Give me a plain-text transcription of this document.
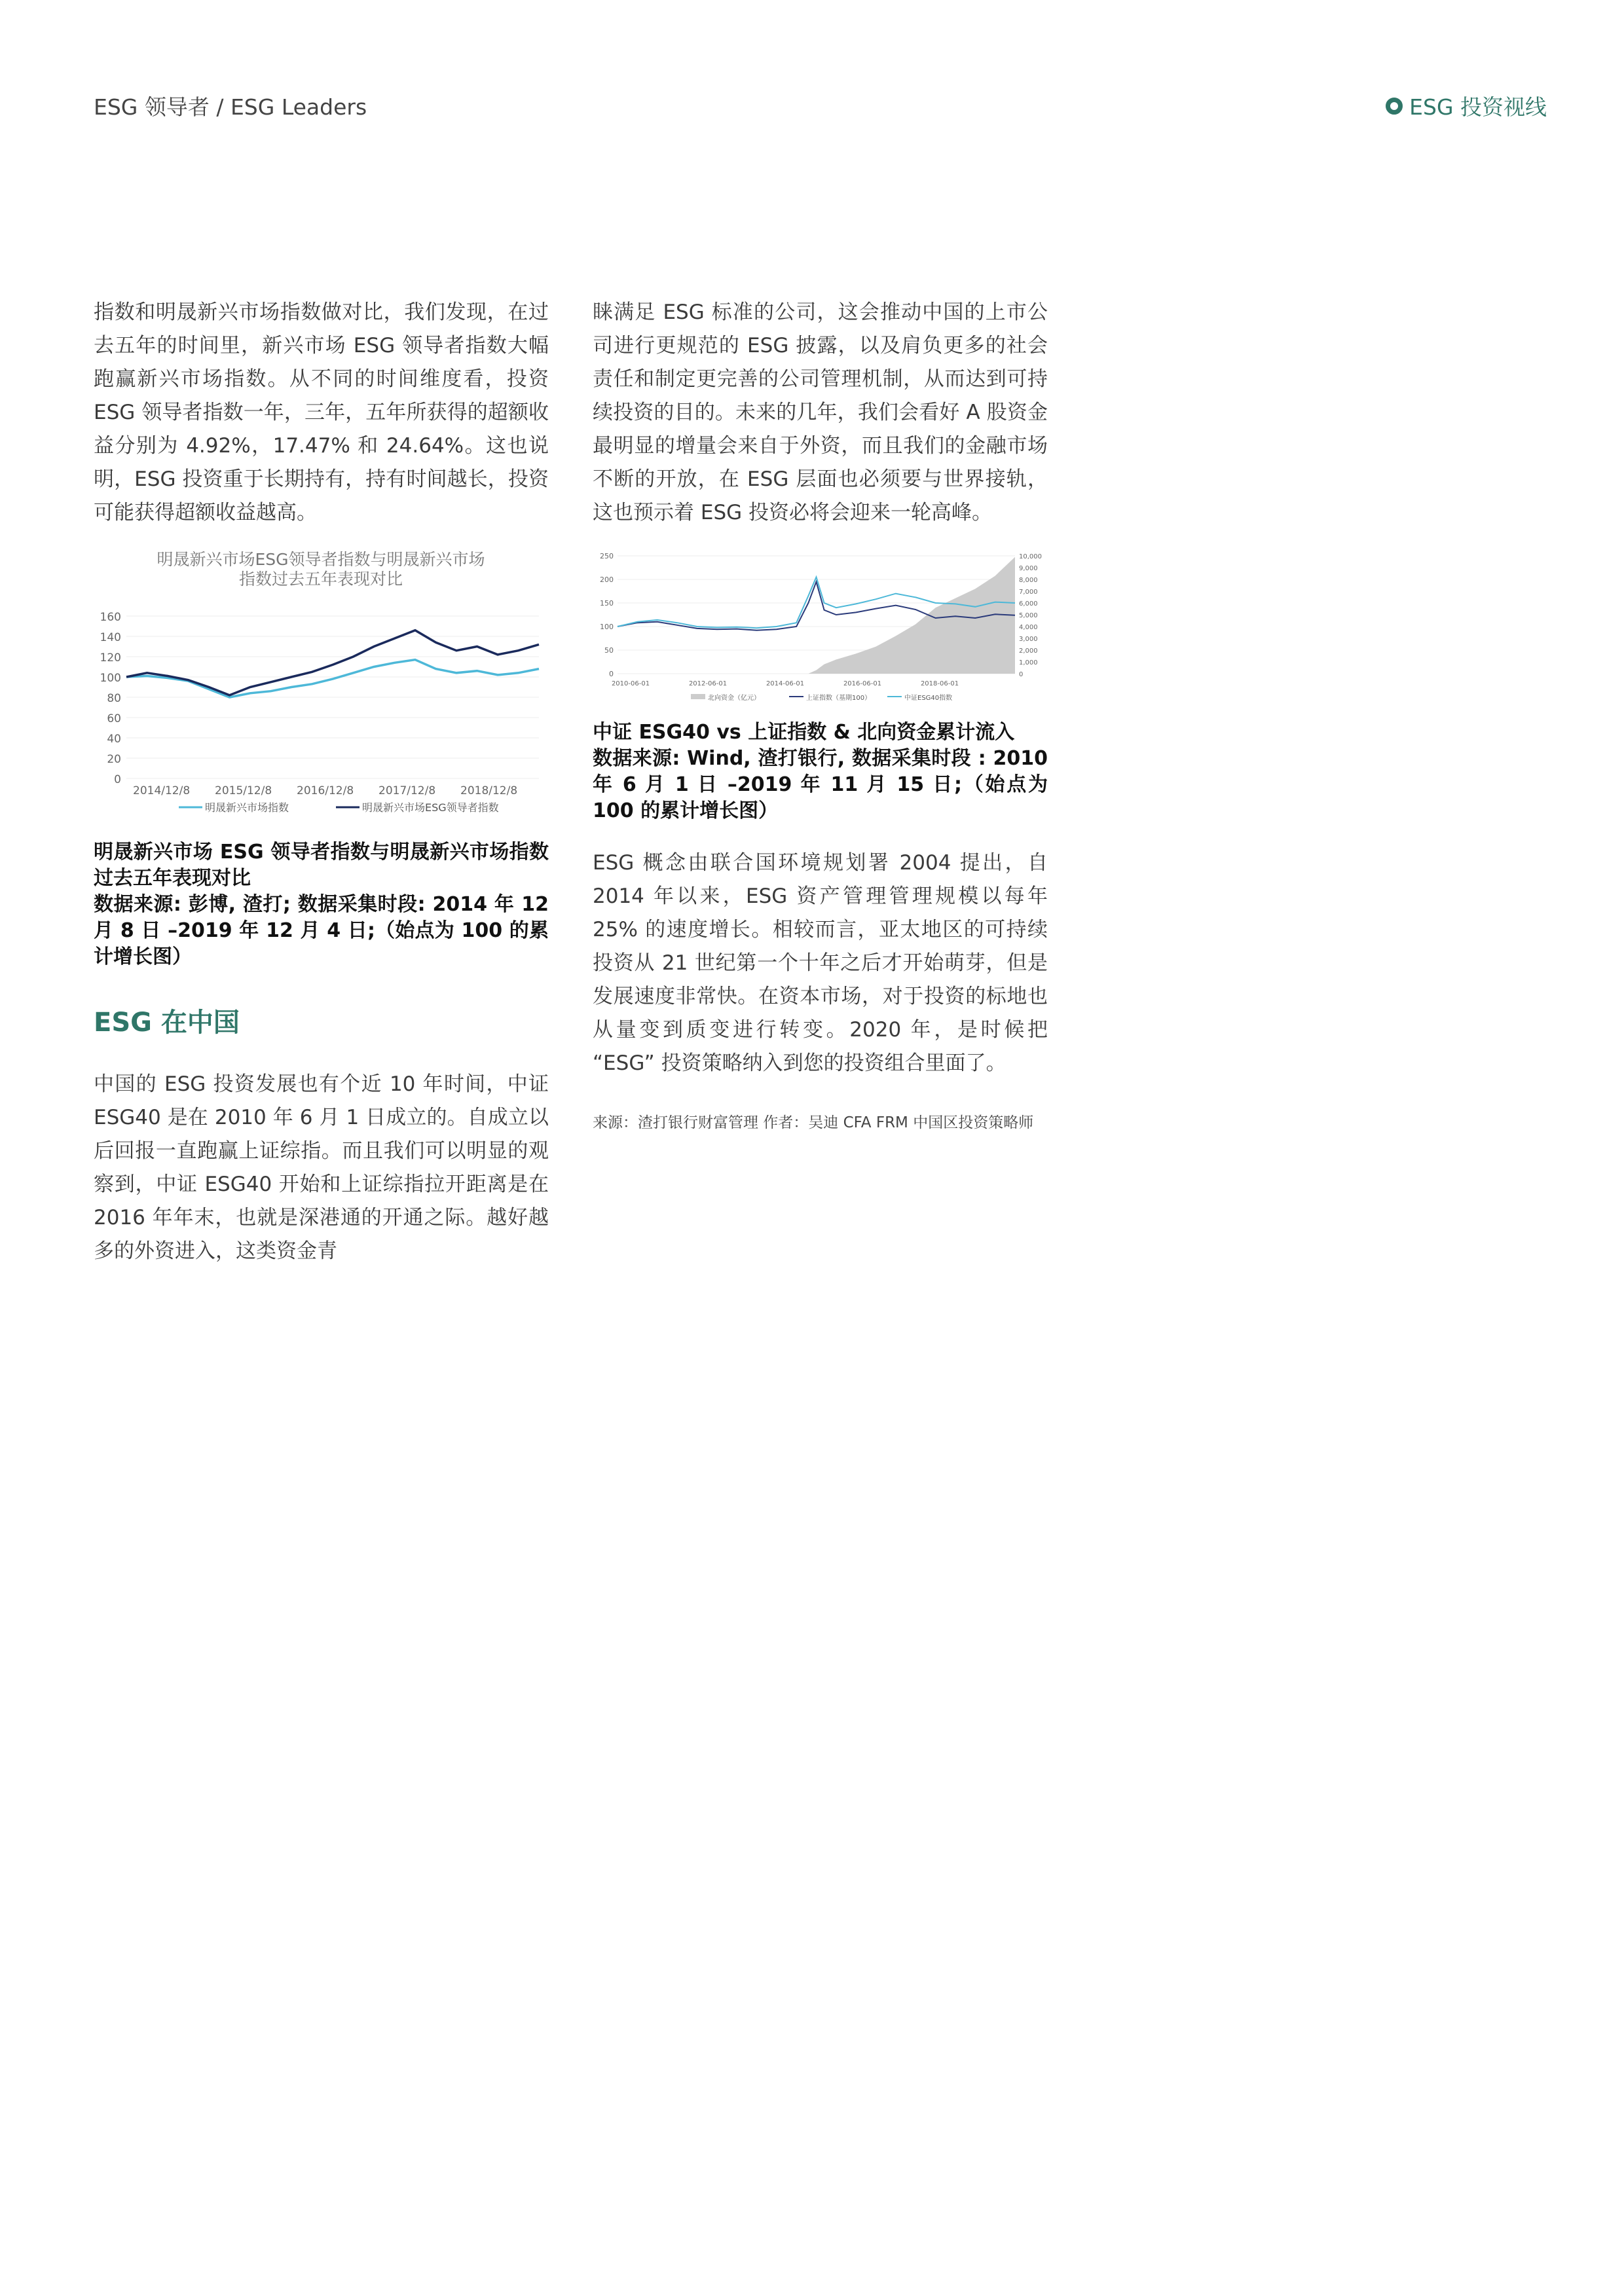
ESG 领导者 / ESG Leaders	ESG 投资视线

指数和明晟新兴市场指数做对比，我们发现，在过去五年的时间里，新兴市场 ESG 领导者指数大幅跑赢新兴市场指数。从不同的时间维度看，投资 ESG 领导者指数一年，三年，五年所获得的超额收益分别为 4.92%，17.47% 和 24.64%。这也说明，ESG 投资重于长期持有，持有时间越长，投资可能获得超额收益越高。

明晟新兴市场ESG领导者指数与明晟新兴市场
指数过去五年表现对比
160
140
120
100
80
60
40
20
0
2014/12/8 2015/12/8 2016/12/8 2017/12/8 2018/12/8
明晟新兴市场指数	明晟新兴市场ESG领导者指数

明晟新兴市场 ESG 领导者指数与明晟新兴市场指数过去五年表现对比

数据来源: 彭博, 渣打; 数据采集时段: 2014 年 12 月 8 日 –2019 年 12 月 4 日;（始点为 100 的累计增长图）

ESG 在中国

中国的 ESG 投资发展也有个近 10 年时间，中证 ESG40 是在 2010 年 6 月 1 日成立的。自成立以后回报一直跑赢上证综指。而且我们可以明显的观察到，中证 ESG40 开始和上证综指拉开距离是在 2016 年年末，也就是深港通的开通之际。越好越多的外资进入，这类资金青

睐满足 ESG 标准的公司，这会推动中国的上市公司进行更规范的 ESG 披露，以及肩负更多的社会责任和制定更完善的公司管理机制，从而达到可持续投资的目的。未来的几年，我们会看好 A 股资金最明显的增量会来自于外资，而且我们的金融市场不断的开放，在 ESG 层面也必须要与世界接轨，这也预示着 ESG 投资必将会迎来一轮高峰。

250
200
150
100
50
0
10,000
9,000
8,000
7,000
6,000
5,000
4,000
3,000
2,000
1,000
0
2010-06-01	2012-06-01	2014-06-01	2016-06-01	2018-06-01
北向资金（亿元）	上证指数（基期100）	中证ESG40指数

中证 ESG40 vs 上证指数 & 北向资金累计流入

数据来源: Wind, 渣打银行, 数据采集时段 : 2010 年 6 月 1 日 –2019 年 11 月 15 日;（始点为 100 的累计增长图）

ESG 概念由联合国环境规划署 2004 提出，自 2014 年以来，ESG 资产管理管理规模以每年 25% 的速度增长。相较而言，亚太地区的可持续投资从 21 世纪第一个十年之后才开始萌芽，但是发展速度非常快。在资本市场，对于投资的标地也从量变到质变进行转变。2020 年，是时候把 “ESG” 投资策略纳入到您的投资组合里面了。

来源：渣打银行财富管理 作者：吴迪 CFA FRM 中国区投资策略师
